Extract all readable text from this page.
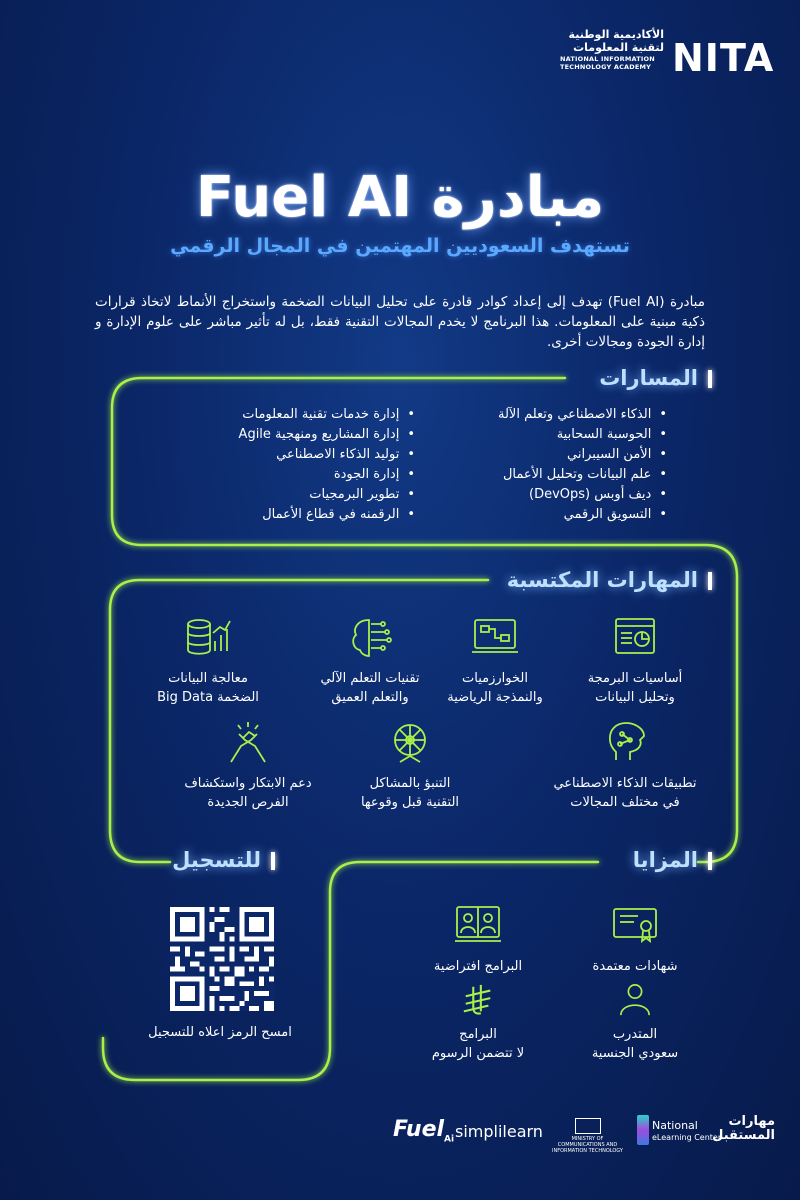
NITA
الأكاديمية الوطنية
لتقنية المعلومات
NATIONAL INFORMATION
TECHNOLOGY ACADEMY
مبادرة Fuel AI
تستهدف السعوديين المهتمين في المجال الرقمي
مبادرة (Fuel AI) تهدف إلى إعداد كوادر قادرة على تحليل البيانات الضخمة واستخراج الأنماط لاتخاذ قرارات ذكية مبنية على المعلومات. هذا البرنامج لا يخدم المجالات التقنية فقط، بل له تأثير مباشر على علوم الإدارة و إدارة الجودة ومجالات أخرى.
المسارات
• الذكاء الاصطناعي وتعلم الآلة
• الحوسبة السحابية
• الأمن السيبراني
• علم البيانات وتحليل الأعمال
• ديف أوبس (DevOps)
• التسويق الرقمي
• إدارة خدمات تقنية المعلومات
• إدارة المشاريع ومنهجية Agile
• توليد الذكاء الاصطناعي
• إدارة الجودة
• تطوير البرمجيات
• الرقمنه في قطاع الأعمال
المهارات المكتسبة
أساسيات البرمجة
وتحليل البيانات
الخوارزميات
والنمذجة الرياضية
تقنيات التعلم الآلي
والتعلم العميق
معالجة البيانات
الضخمة Big Data
تطبيقات الذكاء الاصطناعي
في مختلف المجالات
التنبؤ بالمشاكل
التقنية قبل وقوعها
دعم الابتكار واستكشاف
الفرص الجديدة
المزايا
شهادات معتمدة
البرامج افتراضية
المتدرب
سعودي الجنسية
البرامج
لا تتضمن الرسوم
للتسجيل
امسح الرمز اعلاه للتسجيل
Fuel$_{Ai}$ simplilearn	MINISTRY OF COMMUNICATIONS AND INFORMATION TECHNOLOGY
National
eLearning Center
مهارات
المستقبل
